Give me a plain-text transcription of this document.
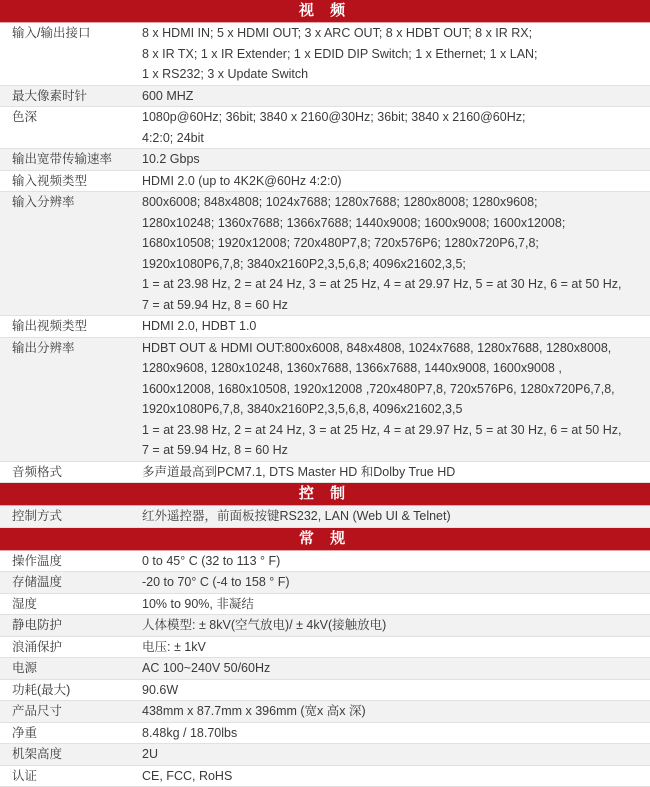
视 频
输入/输出接口	8 x HDMI IN; 5 x HDMI OUT; 3 x ARC OUT; 8 x HDBT OUT; 8 x IR RX;
8 x IR TX; 1 x IR Extender; 1 x EDID DIP Switch; 1 x Ethernet; 1 x LAN;
1 x RS232; 3 x Update Switch
最大像素时针	600 MHZ
色深	1080p@60Hz; 36bit; 3840 x 2160@30Hz; 36bit; 3840 x 2160@60Hz;
4:2:0; 24bit
输出宽带传输速率	10.2 Gbps
输入视频类型	HDMI 2.0 (up to 4K2K@60Hz 4:2:0)
输入分辨率	800x6008; 848x4808; 1024x7688; 1280x7688; 1280x8008; 1280x9608;
1280x10248; 1360x7688; 1366x7688; 1440x9008; 1600x9008; 1600x12008;
1680x10508; 1920x12008; 720x480P7,8; 720x576P6; 1280x720P6,7,8;
1920x1080P6,7,8; 3840x2160P2,3,5,6,8; 4096x21602,3,5;
1 = at 23.98 Hz, 2 = at 24 Hz, 3 = at 25 Hz, 4 = at 29.97 Hz, 5 = at 30 Hz, 6 = at 50 Hz,
7 = at 59.94 Hz, 8 = 60 Hz
输出视频类型	HDMI 2.0, HDBT 1.0
输出分辨率	HDBT OUT & HDMI OUT:800x6008, 848x4808, 1024x7688, 1280x7688, 1280x8008,
1280x9608, 1280x10248, 1360x7688, 1366x7688, 1440x9008, 1600x9008 ,
1600x12008, 1680x10508, 1920x12008 ,720x480P7,8, 720x576P6, 1280x720P6,7,8,
1920x1080P6,7,8, 3840x2160P2,3,5,6,8, 4096x21602,3,5
1 = at 23.98 Hz, 2 = at 24 Hz, 3 = at 25 Hz, 4 = at 29.97 Hz, 5 = at 30 Hz, 6 = at 50 Hz,
7 = at 59.94 Hz, 8 = 60 Hz
音频格式	多声道最高到PCM7.1, DTS Master HD 和Dolby True HD
控 制
控制方式	红外遥控器，前面板按键RS232, LAN (Web UI & Telnet)
常 规
操作温度	0 to 45° C (32 to 113 ° F)
存储温度	-20 to 70° C (-4 to 158 ° F)
湿度	10% to 90%, 非凝结
静电防护	人体模型: ± 8kV(空气放电)/ ± 4kV(接触放电)
浪涌保护	电压: ± 1kV
电源	AC 100~240V 50/60Hz
功耗(最大)	90.6W
产品尺寸	438mm x 87.7mm x 396mm (宽x 高x 深)
净重	8.48kg / 18.70lbs
机架高度	2U
认证	CE, FCC, RoHS
